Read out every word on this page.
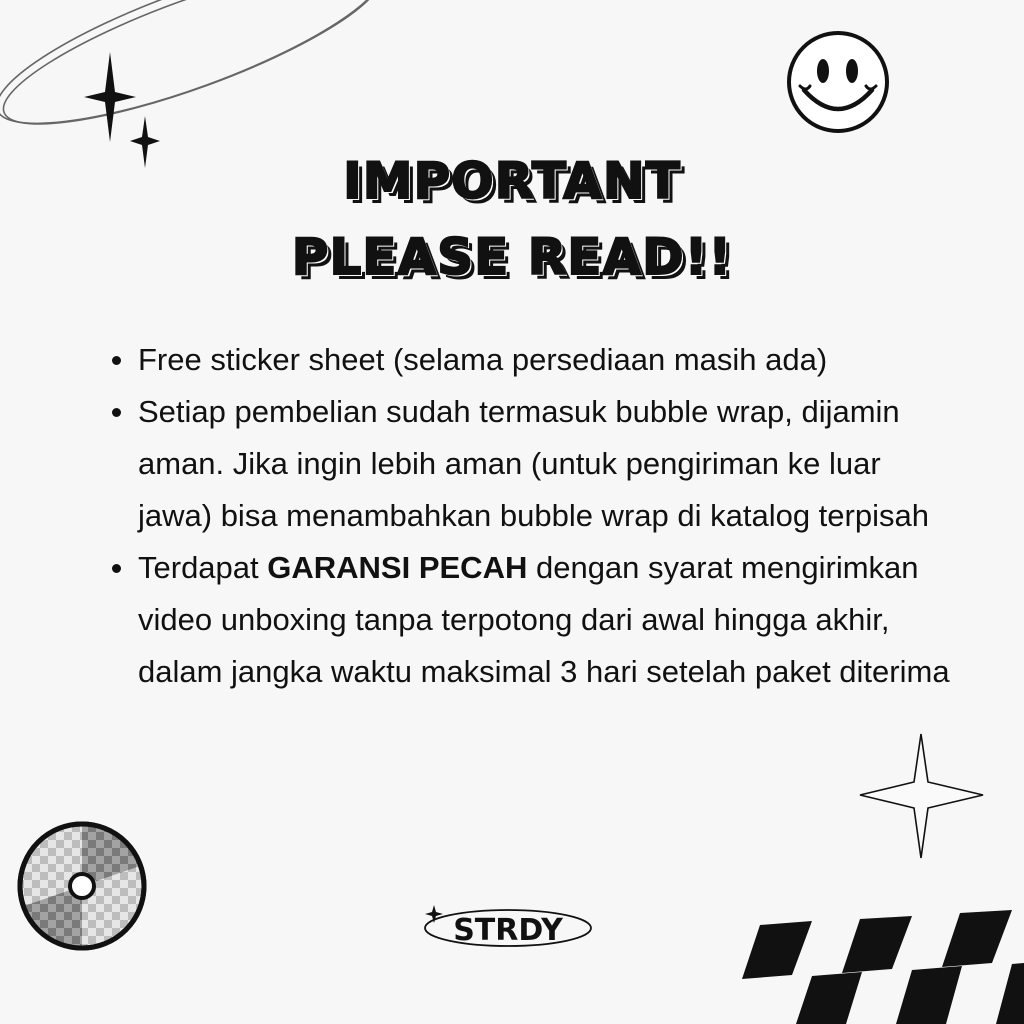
STRDY
IMPORTANT
PLEASE READ!!
Free sticker sheet (selama persediaan masih ada)
Setiap pembelian sudah termasuk bubble wrap, dijamin aman. Jika ingin lebih aman (untuk pengiriman ke luar jawa) bisa menambahkan bubble wrap di katalog terpisah
Terdapat GARANSI PECAH dengan syarat mengirimkan video unboxing tanpa terpotong dari awal hingga akhir, dalam jangka waktu maksimal 3 hari setelah paket diterima
